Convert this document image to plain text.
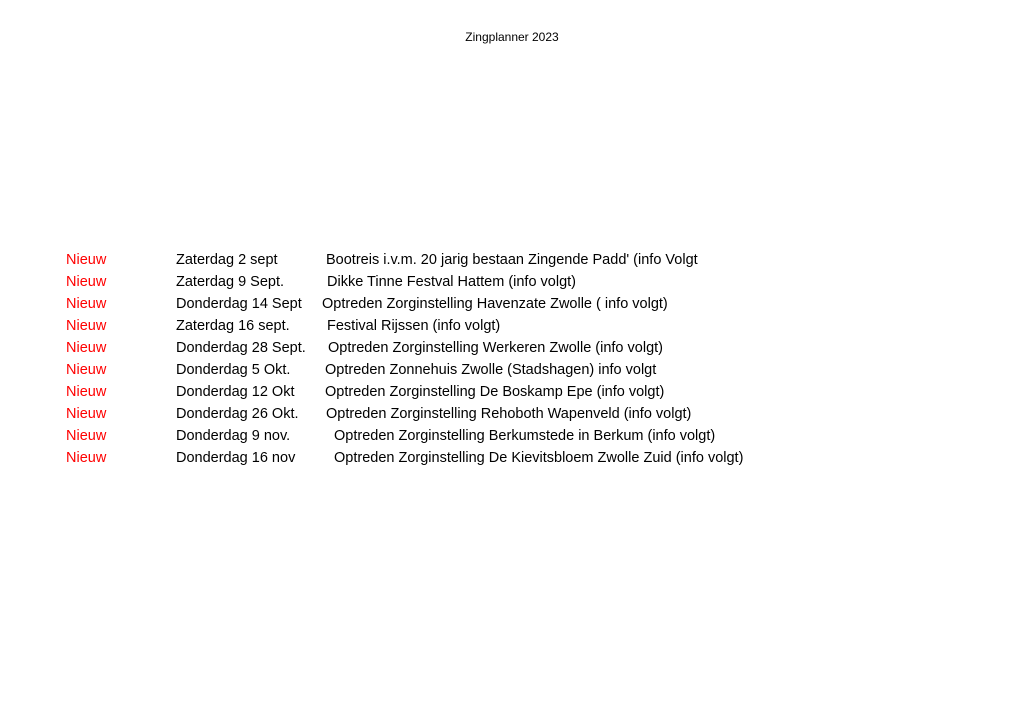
Zingplanner 2023
Nieuw	Zaterdag 2 sept	Bootreis i.v.m. 20 jarig bestaan Zingende Padd' (info Volgt
Nieuw	Zaterdag 9 Sept.	Dikke Tinne Festval Hattem (info volgt)
Nieuw	Donderdag 14 Sept Optreden Zorginstelling Havenzate Zwolle ( info volgt)
Nieuw	Zaterdag 16 sept.	Festival Rijssen (info volgt)
Nieuw	Donderdag 28 Sept. Optreden Zorginstelling Werkeren Zwolle (info volgt)
Nieuw	Donderdag 5 Okt. Optreden Zonnehuis Zwolle (Stadshagen) info volgt
Nieuw	Donderdag 12 Okt Optreden Zorginstelling De Boskamp Epe (info volgt)
Nieuw	Donderdag 26 Okt. Optreden Zorginstelling Rehoboth Wapenveld (info volgt)
Nieuw	Donderdag 9 nov.	Optreden Zorginstelling Berkumstede in Berkum (info volgt)
Nieuw	Donderdag 16 nov	Optreden Zorginstelling De Kievitsbloem Zwolle Zuid (info volgt)
